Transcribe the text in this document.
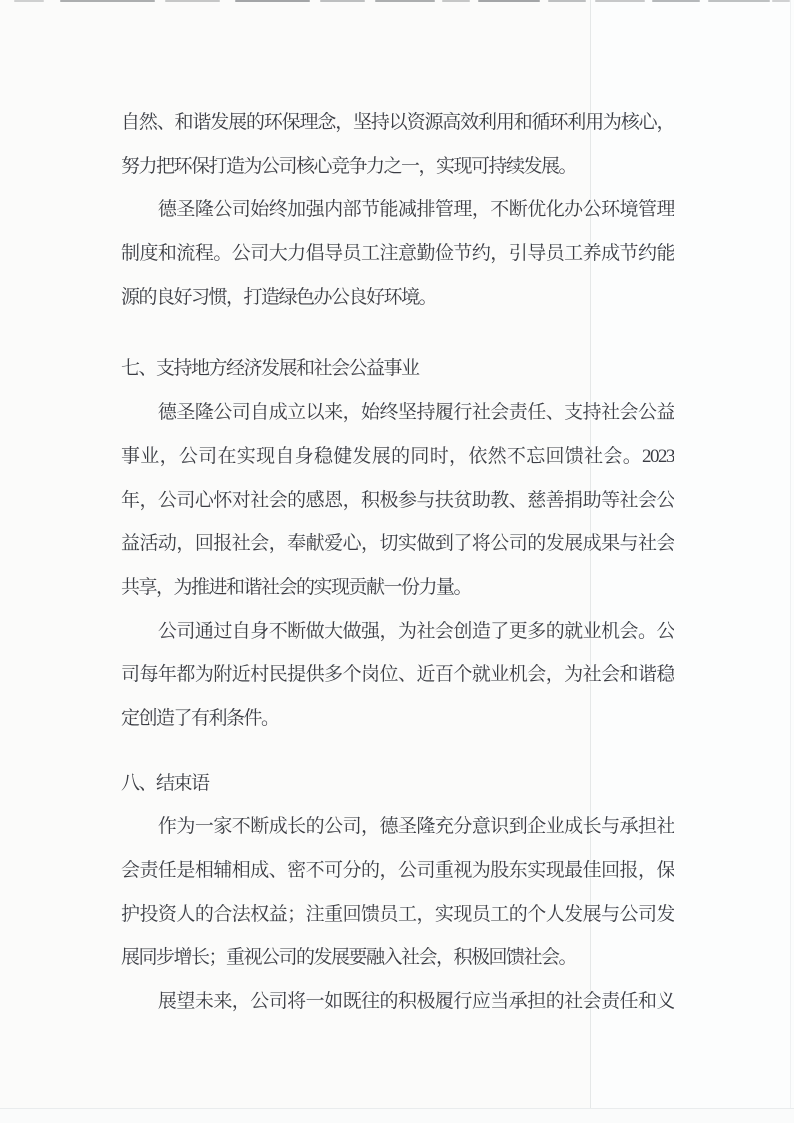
自然、和谐发展的环保理念，坚持以资源高效利用和循环利用为核心，
努力把环保打造为公司核心竞争力之一，实现可持续发展。
　　德圣隆公司始终加强内部节能减排管理，不断优化办公环境管理
制度和流程。公司大力倡导员工注意勤俭节约，引导员工养成节约能
源的良好习惯，打造绿色办公良好环境。
七、支持地方经济发展和社会公益事业
　　德圣隆公司自成立以来，始终坚持履行社会责任、支持社会公益
事业，公司在实现自身稳健发展的同时，依然不忘回馈社会。2023
年，公司心怀对社会的感恩，积极参与扶贫助教、慈善捐助等社会公
益活动，回报社会，奉献爱心，切实做到了将公司的发展成果与社会
共享，为推进和谐社会的实现贡献一份力量。
　　公司通过自身不断做大做强，为社会创造了更多的就业机会。公
司每年都为附近村民提供多个岗位、近百个就业机会，为社会和谐稳
定创造了有利条件。
八、结束语
　　作为一家不断成长的公司，德圣隆充分意识到企业成长与承担社
会责任是相辅相成、密不可分的，公司重视为股东实现最佳回报，保
护投资人的合法权益；注重回馈员工，实现员工的个人发展与公司发
展同步增长；重视公司的发展要融入社会，积极回馈社会。
　　展望未来，公司将一如既往的积极履行应当承担的社会责任和义
